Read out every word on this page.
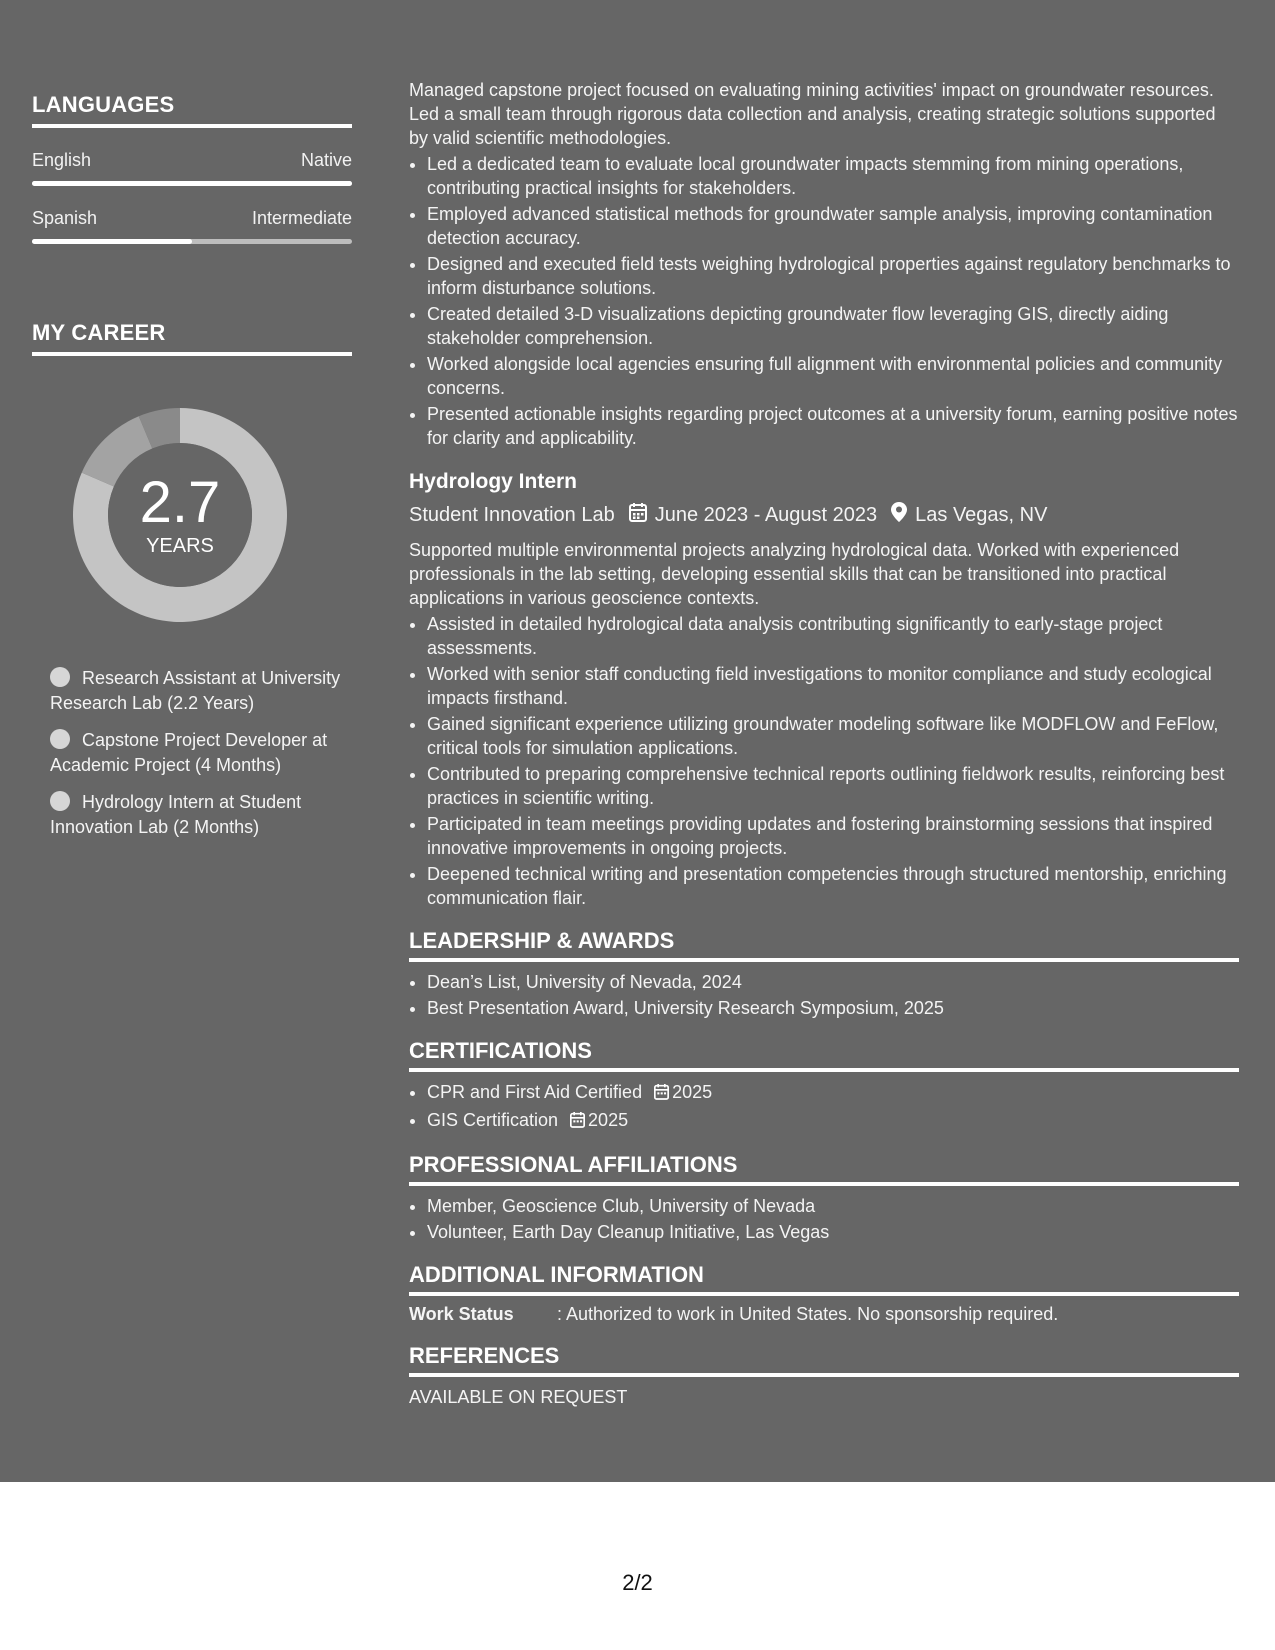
LANGUAGES
English	Native
Spanish	Intermediate
MY CAREER
2.7
YEARS
Research Assistant at University Research Lab (2.2 Years)
Capstone Project Developer at Academic Project (4 Months)
Hydrology Intern at Student Innovation Lab (2 Months)

Managed capstone project focused on evaluating mining activities' impact on groundwater resources. Led a small team through rigorous data collection and analysis, creating strategic solutions supported by valid scientific methodologies.

• Led a dedicated team to evaluate local groundwater impacts stemming from mining operations, contributing practical insights for stakeholders.
• Employed advanced statistical methods for groundwater sample analysis, improving contamination detection accuracy.
• Designed and executed field tests weighing hydrological properties against regulatory benchmarks to inform disturbance solutions.
• Created detailed 3-D visualizations depicting groundwater flow leveraging GIS, directly aiding stakeholder comprehension.
• Worked alongside local agencies ensuring full alignment with environmental policies and community concerns.
• Presented actionable insights regarding project outcomes at a university forum, earning positive notes for clarity and applicability.
Hydrology Intern
Student Innovation Lab June 2023 - August 2023 Las Vegas, NV

Supported multiple environmental projects analyzing hydrological data. Worked with experienced professionals in the lab setting, developing essential skills that can be transitioned into practical applications in various geoscience contexts.

• Assisted in detailed hydrological data analysis contributing significantly to early-stage project assessments.
• Worked with senior staff conducting field investigations to monitor compliance and study ecological impacts firsthand.
• Gained significant experience utilizing groundwater modeling software like MODFLOW and FeFlow, critical tools for simulation applications.
• Contributed to preparing comprehensive technical reports outlining fieldwork results, reinforcing best practices in scientific writing.
• Participated in team meetings providing updates and fostering brainstorming sessions that inspired innovative improvements in ongoing projects.
• Deepened technical writing and presentation competencies through structured mentorship, enriching communication flair.
LEADERSHIP & AWARDS
• Dean’s List, University of Nevada, 2024
• Best Presentation Award, University Research Symposium, 2025
CERTIFICATIONS
• CPR and First Aid Certified 2025
• GIS Certification 2025
PROFESSIONAL AFFILIATIONS
• Member, Geoscience Club, University of Nevada
• Volunteer, Earth Day Cleanup Initiative, Las Vegas
ADDITIONAL INFORMATION
Work Status : Authorized to work in United States. No sponsorship required.
REFERENCES
AVAILABLE ON REQUEST
2/2
